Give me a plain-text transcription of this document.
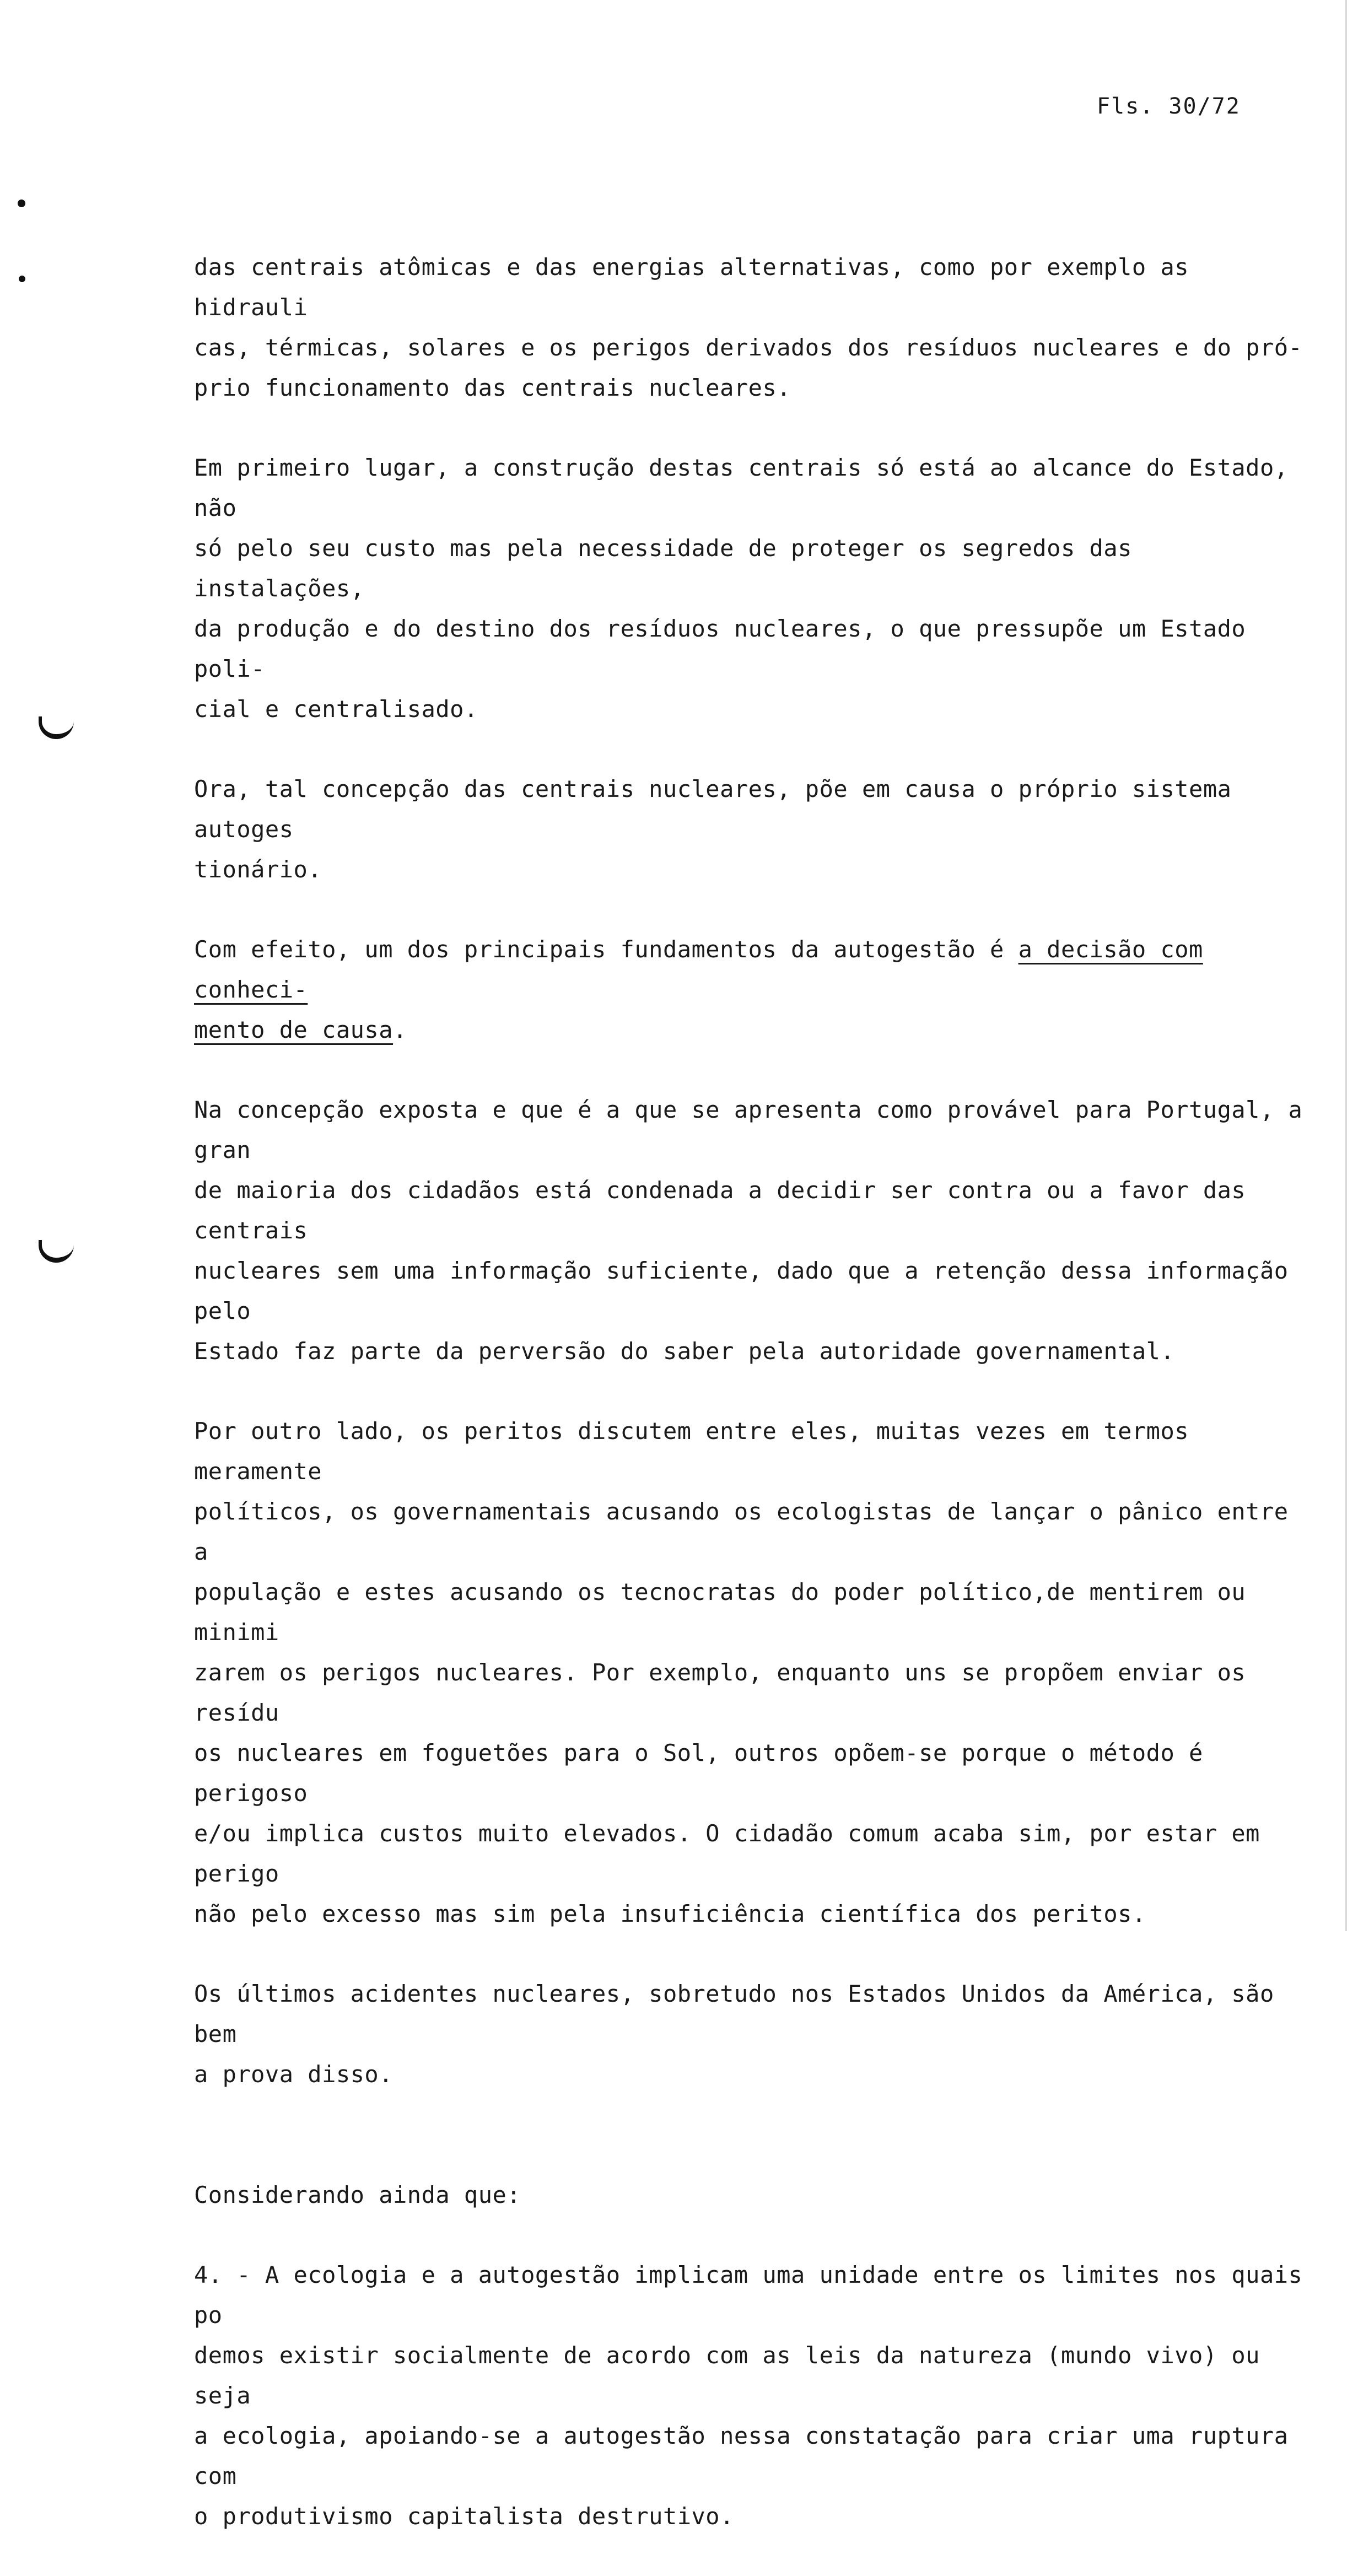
Fls. 30/72

das centrais atômicas e das energias alternativas, como por exemplo as hidrauli
cas, térmicas, solares e os perigos derivados dos resíduos nucleares e do pró-
prio funcionamento das centrais nucleares.

Em primeiro lugar, a construção destas centrais só está ao alcance do Estado, não
só pelo seu custo mas pela necessidade de proteger os segredos das instalações,
da produção e do destino dos resíduos nucleares, o que pressupõe um Estado poli-
cial e centralisado.

Ora, tal concepção das centrais nucleares, põe em causa o próprio sistema autoges
tionário.

Com efeito, um dos principais fundamentos da autogestão é a decisão com conheci-
mento de causa.

Na concepção exposta e que é a que se apresenta como provável para Portugal, a gran
de maioria dos cidadãos está condenada a decidir ser contra ou a favor das centrais
nucleares sem uma informação suficiente, dado que a retenção dessa informação pelo
Estado faz parte da perversão do saber pela autoridade governamental.

Por outro lado, os peritos discutem entre eles, muitas vezes em termos meramente
políticos, os governamentais acusando os ecologistas de lançar o pânico entre a
população e estes acusando os tecnocratas do poder político,de mentirem ou minimi
zarem os perigos nucleares. Por exemplo, enquanto uns se propõem enviar os resídu
os nucleares em foguetões para o Sol, outros opõem-se porque o método é perigoso
e/ou implica custos muito elevados. O cidadão comum acaba sim, por estar em perigo
não pelo excesso mas sim pela insuficiência científica dos peritos.

Os últimos acidentes nucleares, sobretudo nos Estados Unidos da América, são bem
a prova disso.

Considerando ainda que:

4. - A ecologia e a autogestão implicam uma unidade entre os limites nos quais po
demos existir socialmente de acordo com as leis da natureza (mundo vivo) ou seja
a ecologia, apoiando-se a autogestão nessa constatação para criar uma ruptura com
o produtivismo capitalista destrutivo.
